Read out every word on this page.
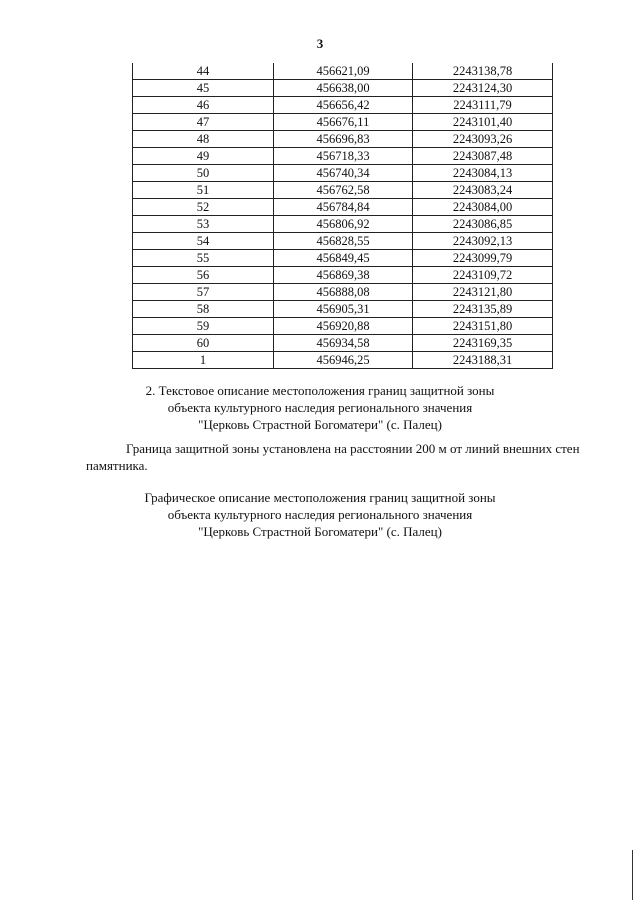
3
44	456621,09	2243138,78
45	456638,00	2243124,30
46	456656,42	2243111,79
47	456676,11	2243101,40
48	456696,83	2243093,26
49	456718,33	2243087,48
50	456740,34	2243084,13
51	456762,58	2243083,24
52	456784,84	2243084,00
53	456806,92	2243086,85
54	456828,55	2243092,13
55	456849,45	2243099,79
56	456869,38	2243109,72
57	456888,08	2243121,80
58	456905,31	2243135,89
59	456920,88	2243151,80
60	456934,58	2243169,35
1	456946,25	2243188,31
2. Текстовое описание местоположения границ защитной зоны
объекта культурного наследия регионального значения
"Церковь Страстной Богоматери" (с. Палец)
Граница защитной зоны установлена на расстоянии 200 м от линий внешних стен
памятника.
Графическое описание местоположения границ защитной зоны
объекта культурного наследия регионального значения
"Церковь Страстной Богоматери" (с. Палец)
